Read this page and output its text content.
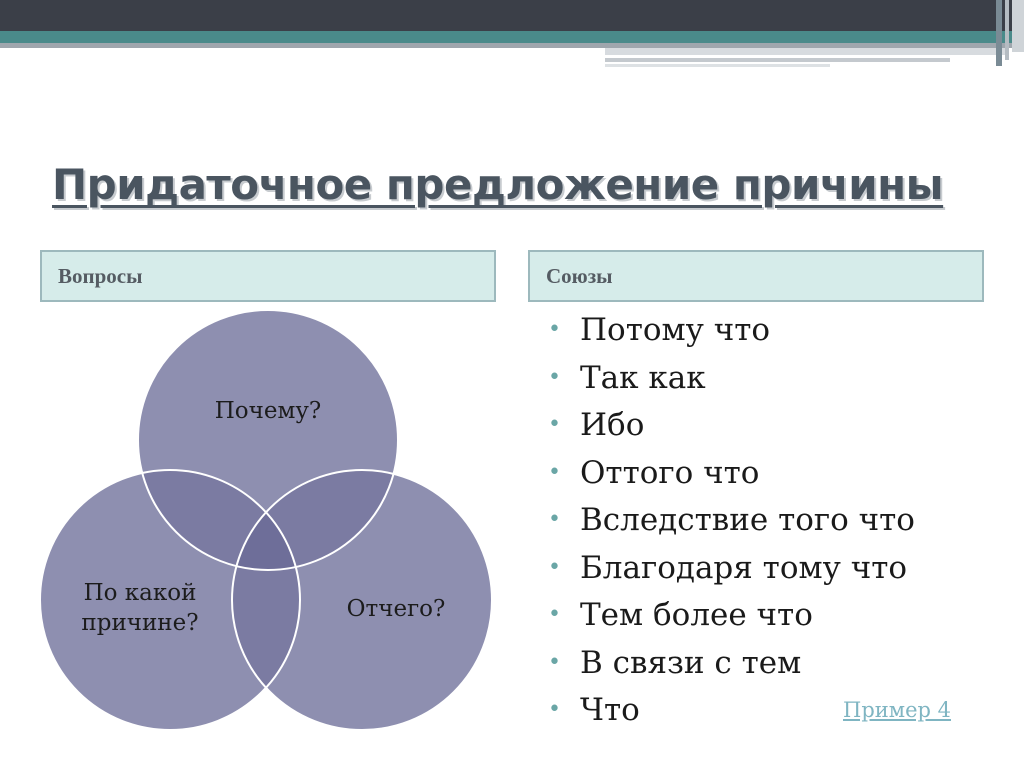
Придаточное предложение причины
Вопросы	Союзы
Почему?
По какой
причине?
Отчего?
• Потому что
• Так как
• Ибо
• Оттого что
• Вследствие того что
• Благодаря тому что
• Тем более что
• В связи с тем
• Что	Пример 4
